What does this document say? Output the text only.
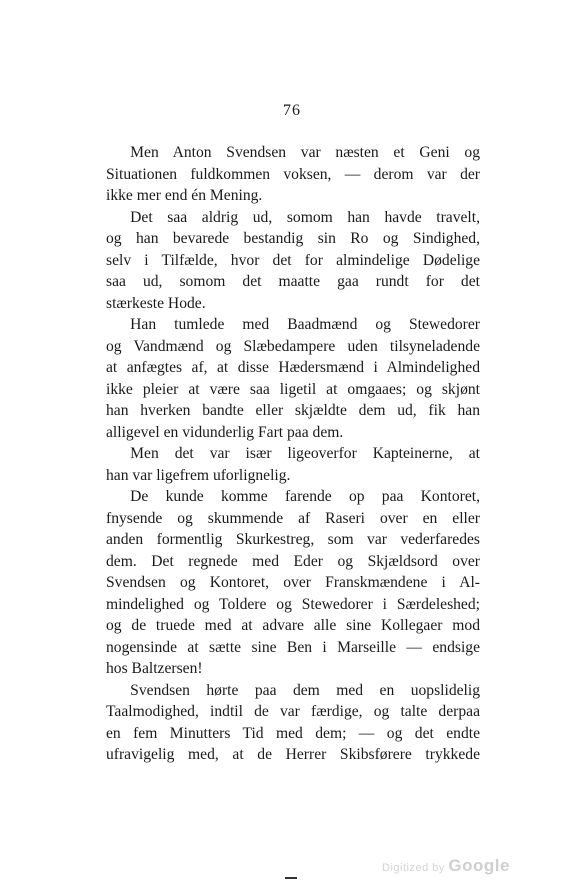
76
Men Anton Svendsen var næsten et Geni og
Situationen fuldkommen voksen, — derom var der
ikke mer end én Mening.
Det saa aldrig ud, somom han havde travelt,
og han bevarede bestandig sin Ro og Sindighed,
selv i Tilfælde, hvor det for almindelige Dødelige
saa ud, somom det maatte gaa rundt for det
stærkeste Hode.
Han tumlede med Baadmænd og Stewedorer
og Vandmænd og Slæbedampere uden tilsyneladende
at anfægtes af, at disse Hædersmænd i Almindelighed
ikke pleier at være saa ligetil at omgaaes; og skjønt
han hverken bandte eller skjældte dem ud, fik han
alligevel en vidunderlig Fart paa dem.
Men det var især ligeoverfor Kapteinerne, at
han var ligefrem uforlignelig.
De kunde komme farende op paa Kontoret,
fnysende og skummende af Raseri over en eller
anden formentlig Skurkestreg, som var vederfaredes
dem. Det regnede med Eder og Skjældsord over
Svendsen og Kontoret, over Franskmændene i Al-
mindelighed og Toldere og Stewedorer i Særdeleshed;
og de truede med at advare alle sine Kollegaer mod
nogensinde at sætte sine Ben i Marseille — endsige
hos Baltzersen!
Svendsen hørte paa dem med en uopslidelig
Taalmodighed, indtil de var færdige, og talte derpaa
en fem Minutters Tid med dem; — og det endte
ufravigelig med, at de Herrer Skibsførere trykkede
Digitized by Google
